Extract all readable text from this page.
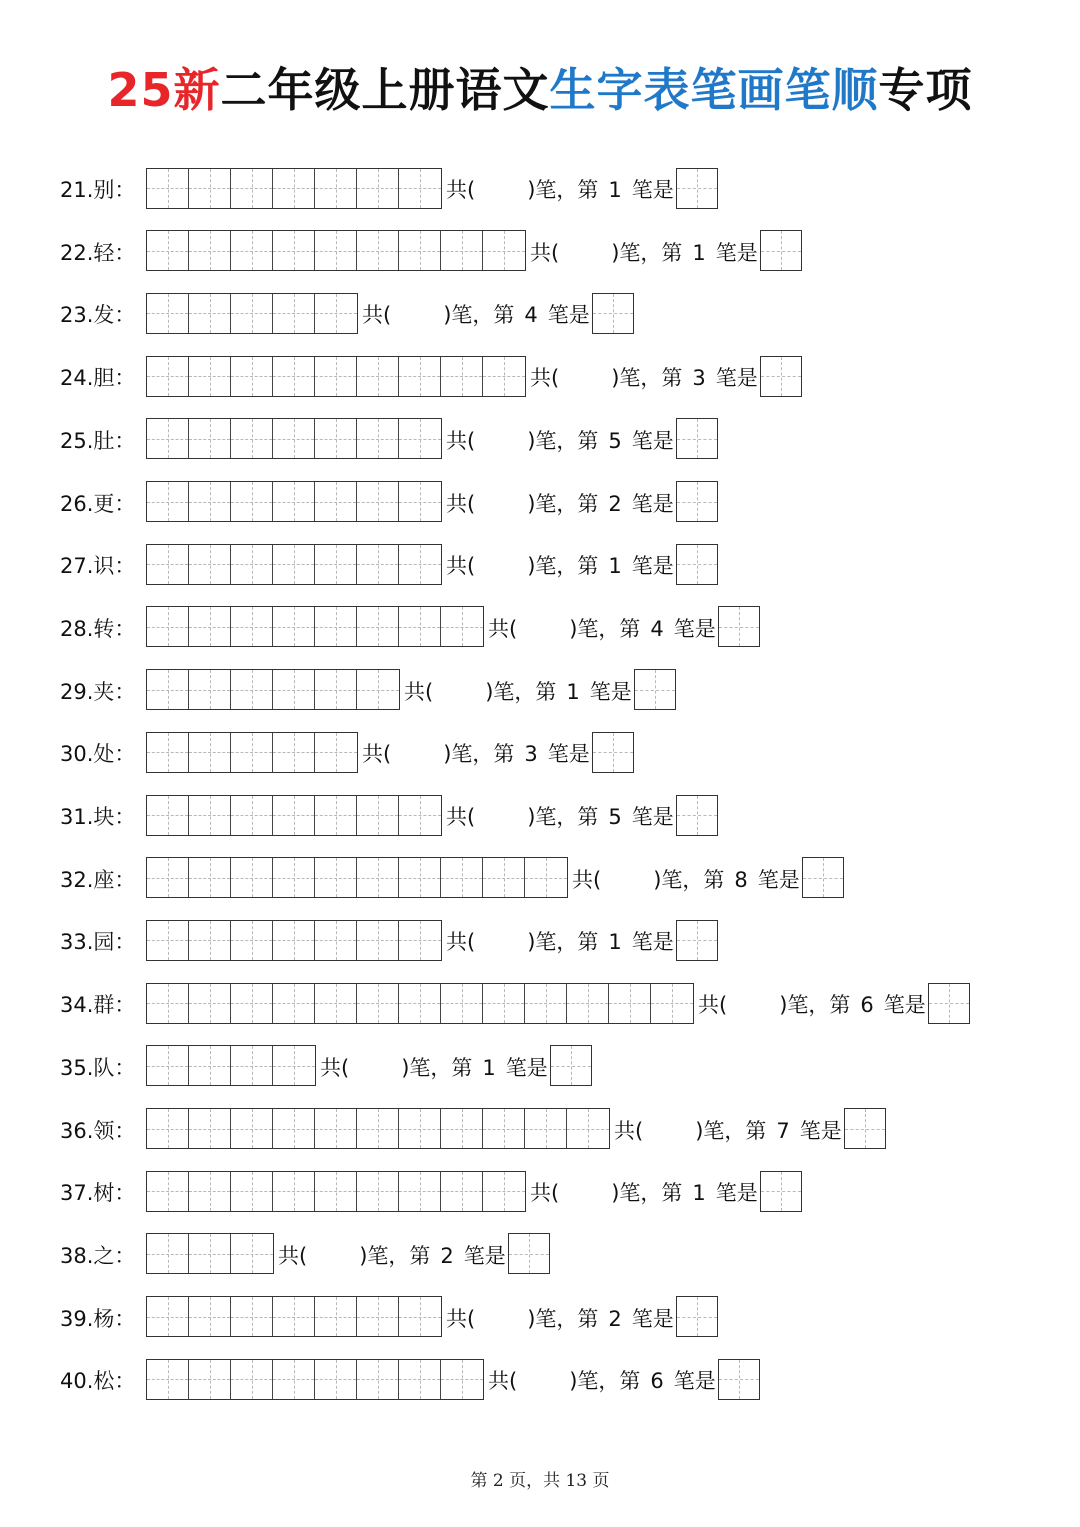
25新二年级上册语文生字表笔画笔顺专项
21.别：	共( )笔，第 1 笔是
22.轻：	共( )笔，第 1 笔是
23.发：	共( )笔，第 4 笔是
24.胆：	共( )笔，第 3 笔是
25.肚：	共( )笔，第 5 笔是
26.更：	共( )笔，第 2 笔是
27.识：	共( )笔，第 1 笔是
28.转：	共( )笔，第 4 笔是
29.夹：	共( )笔，第 1 笔是
30.处：	共( )笔，第 3 笔是
31.块：	共( )笔，第 5 笔是
32.座：	共( )笔，第 8 笔是
33.园：	共( )笔，第 1 笔是
34.群：	共( )笔，第 6 笔是
35.队：	共( )笔，第 1 笔是
36.领：	共( )笔，第 7 笔是
37.树：	共( )笔，第 1 笔是
38.之：	共( )笔，第 2 笔是
39.杨：	共( )笔，第 2 笔是
40.松：	共( )笔，第 6 笔是
第 2 页，共 13 页
